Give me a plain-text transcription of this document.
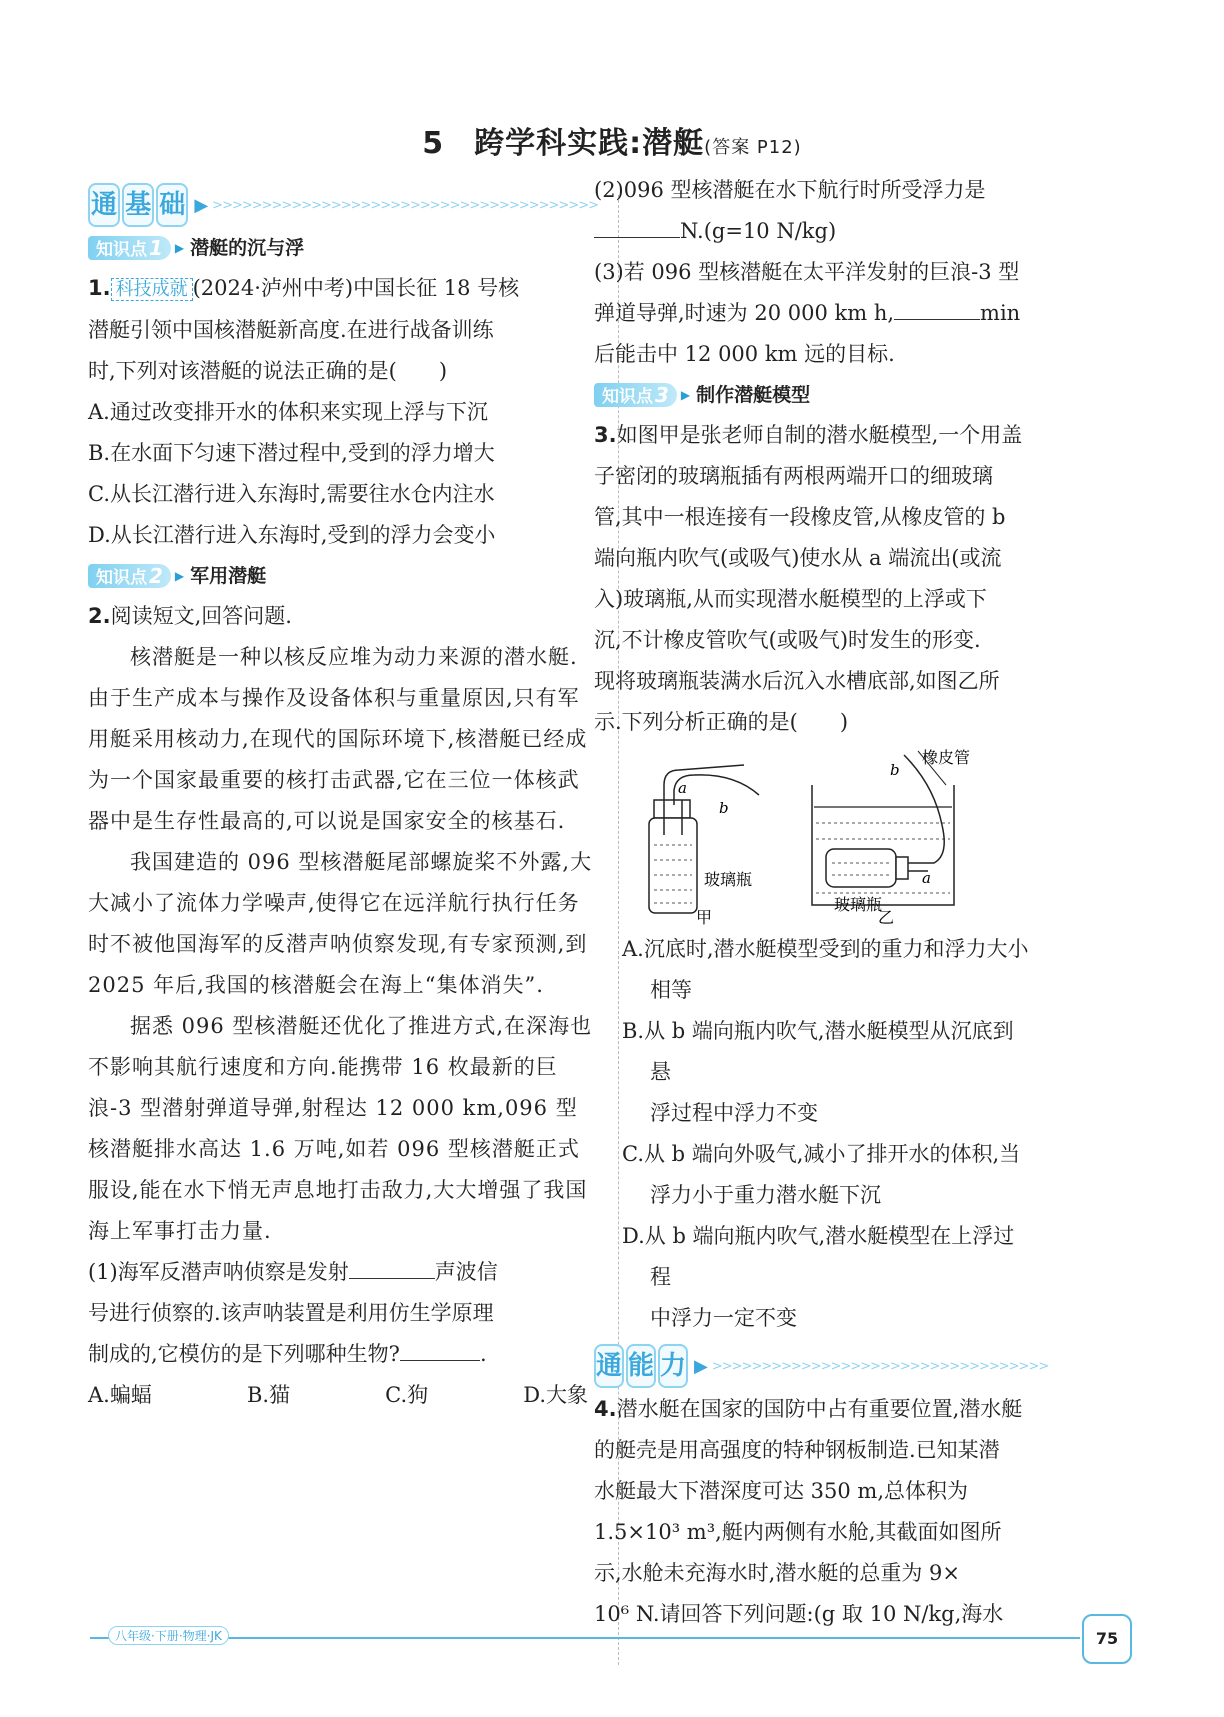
5 跨学科实践:潜艇(答案 P12)
通 基 础 ▶ >>>>>>>>>>>>>>>>>>>>>>>>>>>>>>>>>>>>>>>
知识点 1	▶ 潜艇的沉与浮

1. 科技成就 (2024·泸州中考)中国长征 18 号核

潜艇引领中国核潜艇新高度.在进行战备训练

时,下列对该潜艇的说法正确的是(　　)

A.通过改变排开水的体积来实现上浮与下沉

B.在水面下匀速下潜过程中,受到的浮力增大

C.从长江潜行进入东海时,需要往水仓内注水

D.从长江潜行进入东海时,受到的浮力会变小

知识点 2	▶ 军用潜艇

2.阅读短文,回答问题.

核潜艇是一种以核反应堆为动力来源的潜水艇.由于生产成本与操作及设备体积与重量原因,只有军用艇采用核动力,在现代的国际环境下,核潜艇已经成为一个国家最重要的核打击武器,它在三位一体核武器中是生存性最高的,可以说是国家安全的核基石.

我国建造的 096 型核潜艇尾部螺旋桨不外露,大大减小了流体力学噪声,使得它在远洋航行执行任务时不被他国海军的反潜声呐侦察发现,有专家预测,到 2025 年后,我国的核潜艇会在海上“集体消失”.

据悉 096 型核潜艇还优化了推进方式,在深海也不影响其航行速度和方向.能携带 16 枚最新的巨浪-3 型潜射弹道导弹,射程达 12 000 km,096 型核潜艇排水高达 1.6 万吨,如若 096 型核潜艇正式服设,能在水下悄无声息地打击敌力,大大增强了我国海上军事打击力量.

(1)海军反潜声呐侦察是发射	声波信

号进行侦察的.该声呐装置是利用仿生学原理

制成的,它模仿的是下列哪种生物?	.

A.蝙蝠	B.猫	C.狗	D.大象

(2)096 型核潜艇在水下航行时所受浮力是

N.(g=10 N/kg)

(3)若 096 型核潜艇在太平洋发射的巨浪-3 型

弹道导弹,时速为 20 000 km h,	min

后能击中 12 000 km 远的目标.

知识点 3	▶ 制作潜艇模型

3.如图甲是张老师自制的潜水艇模型,一个用盖

子密闭的玻璃瓶插有两根两端开口的细玻璃

管,其中一根连接有一段橡皮管,从橡皮管的 b

端向瓶内吹气(或吸气)使水从 a 端流出(或流

入)玻璃瓶,从而实现潜水艇模型的上浮或下

沉,不计橡皮管吹气(或吸气)时发生的形变.

现将玻璃瓶装满水后沉入水槽底部,如图乙所

示.下列分析正确的是(　　)

a
b
玻璃瓶
甲
b
a
橡皮管
玻璃瓶
乙

A.沉底时,潜水艇模型受到的重力和浮力大小
相等

B.从 b 端向瓶内吹气,潜水艇模型从沉底到悬
浮过程中浮力不变

C.从 b 端向外吸气,减小了排开水的体积,当
浮力小于重力潜水艇下沉

D.从 b 端向瓶内吹气,潜水艇模型在上浮过程
中浮力一定不变

通 能 力 ▶ >>>>>>>>>>>>>>>>>>>>>>>>>>>>>>>>>>

4.潜水艇在国家的国防中占有重要位置,潜水艇

的艇壳是用高强度的特种钢板制造.已知某潜

水艇最大下潜深度可达 350 m,总体积为

1.5×10³ m³,艇内两侧有水舱,其截面如图所

示,水舱未充海水时,潜水艇的总重为 9×

10⁶ N.请回答下列问题:(g 取 10 N/kg,海水

八年级·下册·物理·JK	75
